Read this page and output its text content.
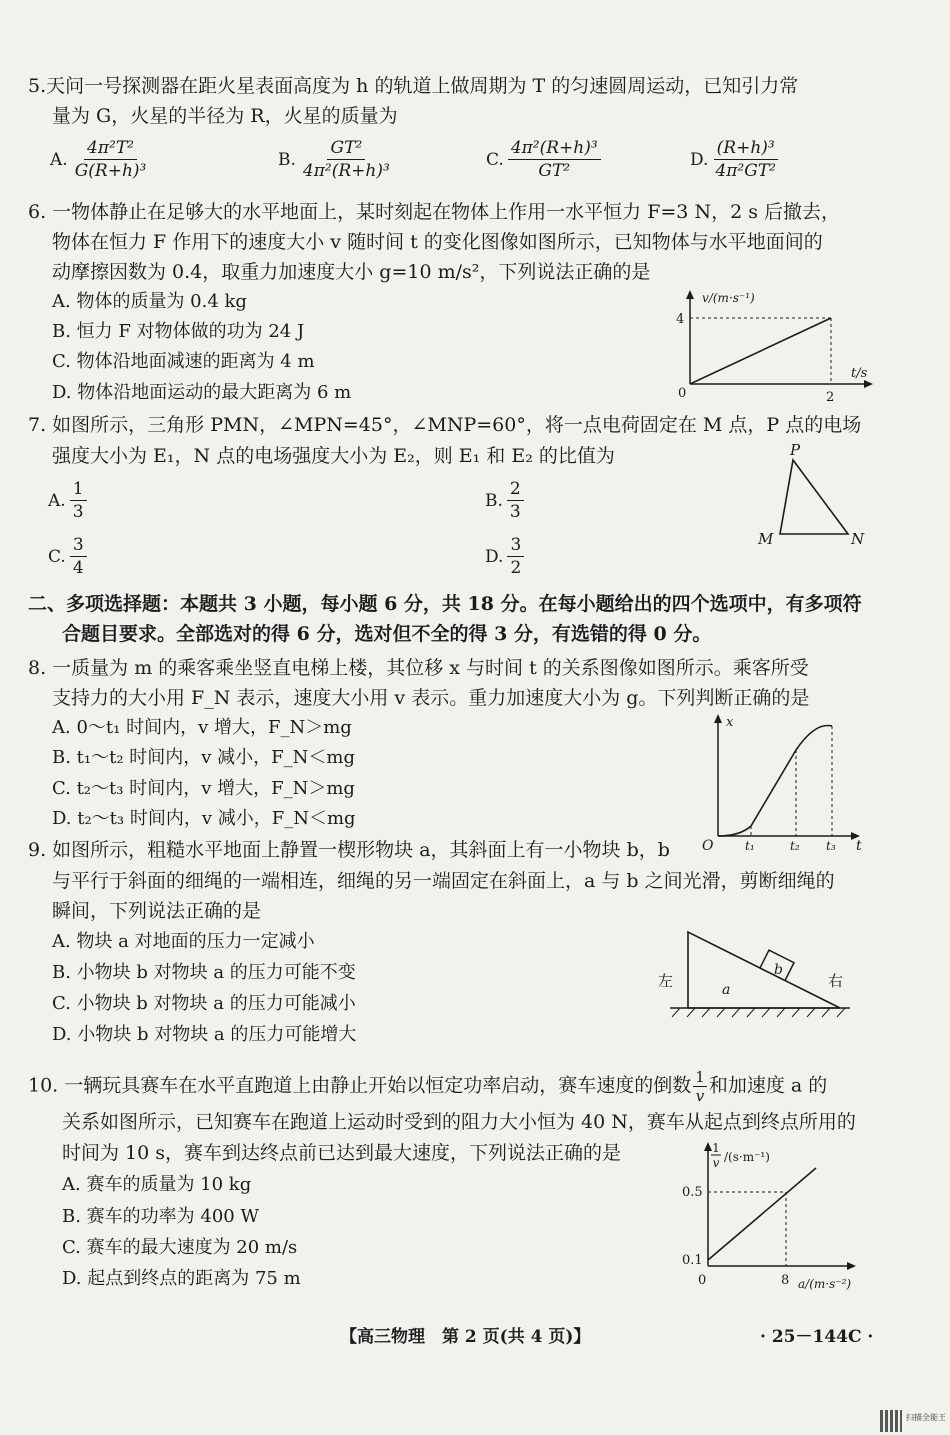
5.天问一号探测器在距火星表面高度为 h 的轨道上做周期为 T 的匀速圆周运动，已知引力常
量为 G，火星的半径为 R，火星的质量为
A. $\frac{\text{4π²T²}}{\text{G(R+h)³}}$	B. $\frac{\text{GT²}}{\text{4π²(R+h)³}}$	C. $\frac{\text{4π²(R+h)³}}{\text{GT²}}$	D. $\frac{\text{(R+h)³}}{\text{4π²GT²}}$
6. 一物体静止在足够大的水平地面上，某时刻起在物体上作用一水平恒力 F=3 N，2 s 后撤去，
物体在恒力 F 作用下的速度大小 v 随时间 t 的变化图像如图所示，已知物体与水平地面间的
动摩擦因数为 0.4，取重力加速度大小 g=10 m/s²，下列说法正确的是
A. 物体的质量为 0.4 kg
B. 恒力 F 对物体做的功为 24 J
C. 物体沿地面减速的距离为 4 m
D. 物体沿地面运动的最大距离为 6 m
v/(m·s⁻¹)
4
0	2
t/s
7. 如图所示，三角形 PMN，∠MPN=45°，∠MNP=60°，将一点电荷固定在 M 点，P 点的电场
强度大小为 E₁，N 点的电场强度大小为 E₂，则 E₁ 和 E₂ 的比值为
A. $\frac{1}{3}$	B. $\frac{2}{3}$
C. $\frac{3}{4}$	D. $\frac{3}{2}$
P
M	N
二、多项选择题：本题共 3 小题，每小题 6 分，共 18 分。在每小题给出的四个选项中，有多项符
合题目要求。全部选对的得 6 分，选对但不全的得 3 分，有选错的得 0 分。
8. 一质量为 m 的乘客乘坐竖直电梯上楼，其位移 x 与时间 t 的关系图像如图所示。乘客所受
支持力的大小用 F_N 表示，速度大小用 v 表示。重力加速度大小为 g。下列判断正确的是
A. 0～t₁ 时间内，v 增大，F_N＞mg
B. t₁～t₂ 时间内，v 减小，F_N＜mg
C. t₂～t₃ 时间内，v 增大，F_N＞mg
D. t₂～t₃ 时间内，v 减小，F_N＜mg
x
O	t₁	t₂ t₃ t
9. 如图所示，粗糙水平地面上静置一楔形物块 a，其斜面上有一小物块 b，b
与平行于斜面的细绳的一端相连，细绳的另一端固定在斜面上，a 与 b 之间光滑，剪断细绳的
瞬间，下列说法正确的是
A. 物块 a 对地面的压力一定减小
B. 小物块 b 对物块 a 的压力可能不变
C. 小物块 b 对物块 a 的压力可能减小
D. 小物块 b 对物块 a 的压力可能增大
b
a
左	右
10. 一辆玩具赛车在水平直跑道上由静止开始以恒定功率启动，赛车速度的倒数 $\frac{1}{v}$ 和加速度 a 的
关系如图所示，已知赛车在跑道上运动时受到的阻力大小恒为 40 N，赛车从起点到终点所用的
时间为 10 s，赛车到达终点前已达到最大速度，下列说法正确的是
A. 赛车的质量为 10 kg
B. 赛车的功率为 400 W
C. 赛车的最大速度为 20 m/s
D. 起点到终点的距离为 75 m
1
v /(s·m⁻¹)
0.5
0.1
0	8 a/(m·s⁻²)
【高三物理　第 2 页(共 4 页)】	· 25－144C ·
扫描全能王
